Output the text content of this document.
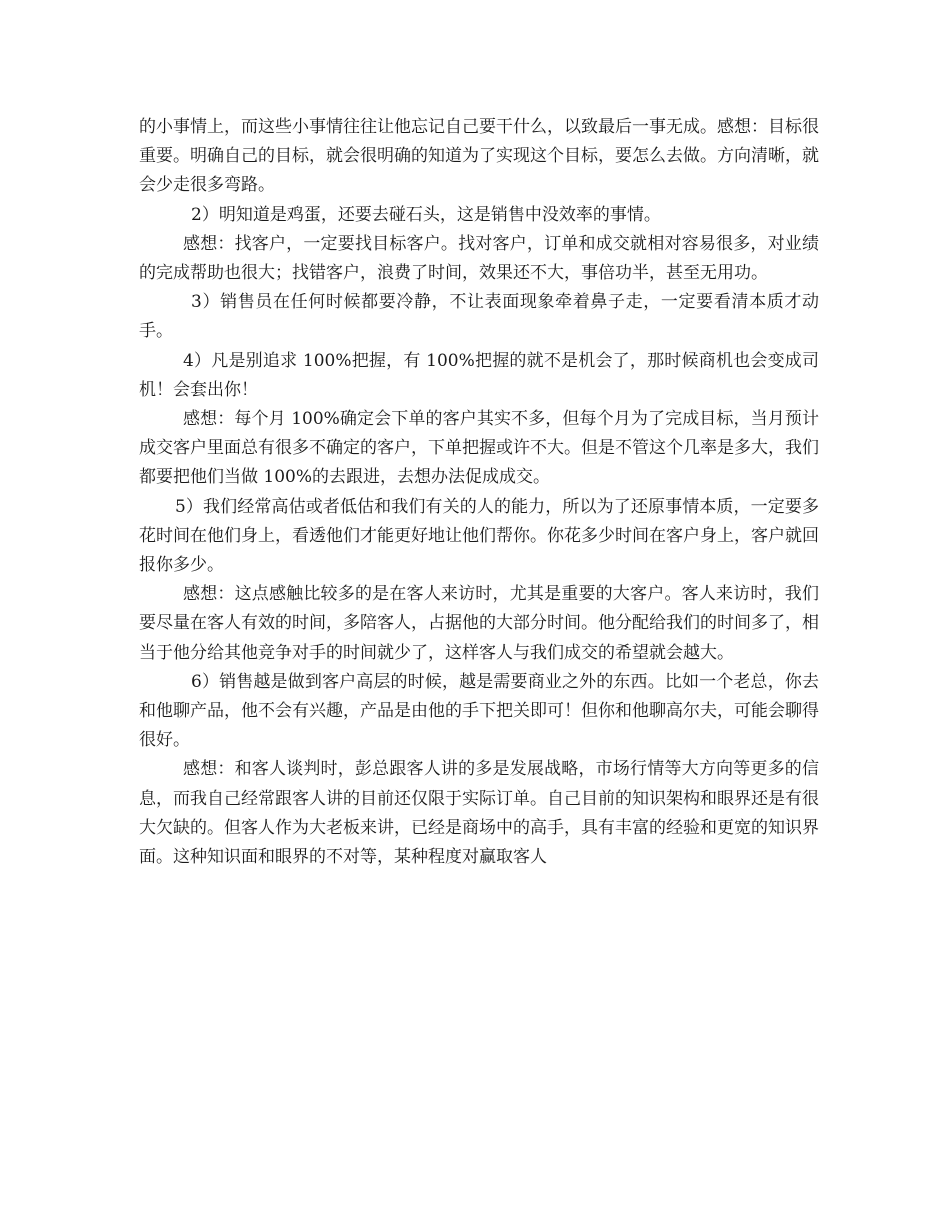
的小事情上，而这些小事情往往让他忘记自己要干什么，以致最后一事无成。感想：目标很重要。明确自己的目标，就会很明确的知道为了实现这个目标，要怎么去做。方向清晰，就会少走很多弯路。

2）明知道是鸡蛋，还要去碰石头，这是销售中没效率的事情。

感想：找客户，一定要找目标客户。找对客户，订单和成交就相对容易很多，对业绩的完成帮助也很大；找错客户，浪费了时间，效果还不大，事倍功半，甚至无用功。

3）销售员在任何时候都要冷静，不让表面现象牵着鼻子走，一定要看清本质才动手。

4）凡是别追求 100%把握，有 100%把握的就不是机会了，那时候商机也会变成司机！会套出你！

感想：每个月 100%确定会下单的客户其实不多，但每个月为了完成目标，当月预计成交客户里面总有很多不确定的客户，下单把握或许不大。但是不管这个几率是多大，我们都要把他们当做 100%的去跟进，去想办法促成成交。

5）我们经常高估或者低估和我们有关的人的能力，所以为了还原事情本质，一定要多花时间在他们身上，看透他们才能更好地让他们帮你。你花多少时间在客户身上，客户就回报你多少。

感想：这点感触比较多的是在客人来访时，尤其是重要的大客户。客人来访时，我们要尽量在客人有效的时间，多陪客人，占据他的大部分时间。他分配给我们的时间多了，相当于他分给其他竞争对手的时间就少了，这样客人与我们成交的希望就会越大。

6）销售越是做到客户高层的时候，越是需要商业之外的东西。比如一个老总，你去和他聊产品，他不会有兴趣，产品是由他的手下把关即可！但你和他聊高尔夫，可能会聊得很好。

感想：和客人谈判时，彭总跟客人讲的多是发展战略，市场行情等大方向等更多的信息，而我自己经常跟客人讲的目前还仅限于实际订单。自己目前的知识架构和眼界还是有很大欠缺的。但客人作为大老板来讲，已经是商场中的高手，具有丰富的经验和更宽的知识界面。这种知识面和眼界的不对等，某种程度对赢取客人
